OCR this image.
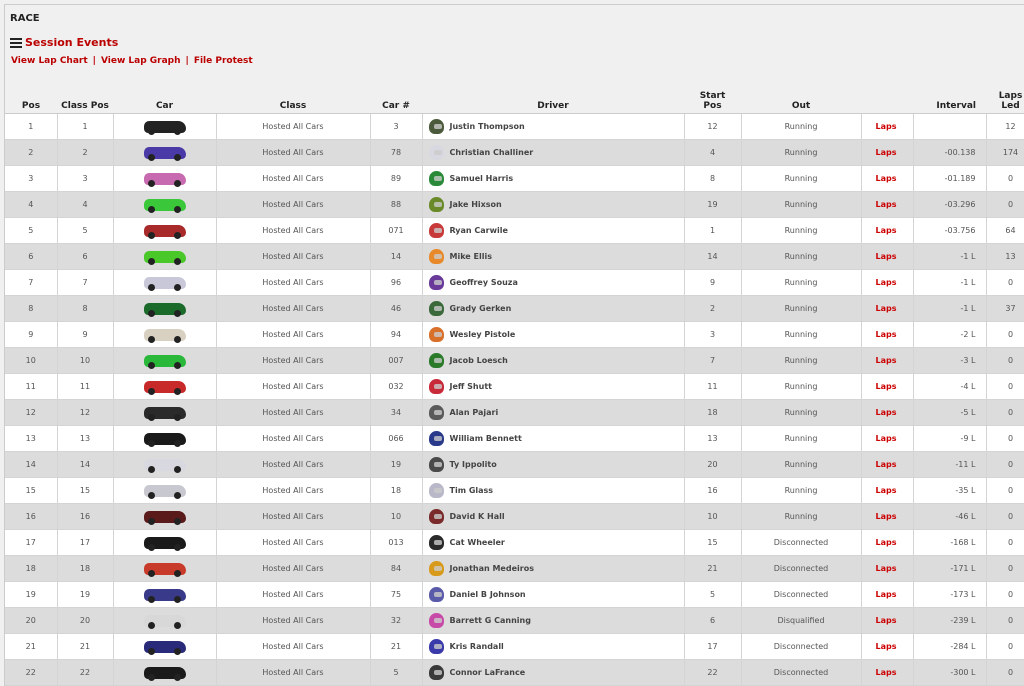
RACE
Session Events
View Lap Chart | View Lap Graph | File Protest
Pos	Class Pos	Car	Class	Car #	Driver	Start
Pos	Out		Interval	Laps
Led	
1	1		Hosted All Cars	3	Justin Thompson	12	Running	Laps		12	
2	2		Hosted All Cars	78	Christian Challiner	4	Running	Laps	-00.138	174	
3	3		Hosted All Cars	89	Samuel Harris	8	Running	Laps	-01.189	0	
4	4		Hosted All Cars	88	Jake Hixson	19	Running	Laps	-03.296	0	
5	5		Hosted All Cars	071	Ryan Carwile	1	Running	Laps	-03.756	64	
6	6		Hosted All Cars	14	Mike Ellis	14	Running	Laps	-1 L	13	
7	7		Hosted All Cars	96	Geoffrey Souza	9	Running	Laps	-1 L	0	
8	8		Hosted All Cars	46	Grady Gerken	2	Running	Laps	-1 L	37	
9	9		Hosted All Cars	94	Wesley Pistole	3	Running	Laps	-2 L	0	
10	10		Hosted All Cars	007	Jacob Loesch	7	Running	Laps	-3 L	0	
11	11		Hosted All Cars	032	Jeff Shutt	11	Running	Laps	-4 L	0	
12	12		Hosted All Cars	34	Alan Pajari	18	Running	Laps	-5 L	0	
13	13		Hosted All Cars	066	William Bennett	13	Running	Laps	-9 L	0	
14	14		Hosted All Cars	19	Ty Ippolito	20	Running	Laps	-11 L	0	
15	15		Hosted All Cars	18	Tim Glass	16	Running	Laps	-35 L	0	
16	16		Hosted All Cars	10	David K Hall	10	Running	Laps	-46 L	0	
17	17		Hosted All Cars	013	Cat Wheeler	15	Disconnected	Laps	-168 L	0	
18	18		Hosted All Cars	84	Jonathan Medeiros	21	Disconnected	Laps	-171 L	0	
19	19		Hosted All Cars	75	Daniel B Johnson	5	Disconnected	Laps	-173 L	0	
20	20		Hosted All Cars	32	Barrett G Canning	6	Disqualified	Laps	-239 L	0	
21	21		Hosted All Cars	21	Kris Randall	17	Disconnected	Laps	-284 L	0	
22	22		Hosted All Cars	5	Connor LaFrance	22	Disconnected	Laps	-300 L	0	
